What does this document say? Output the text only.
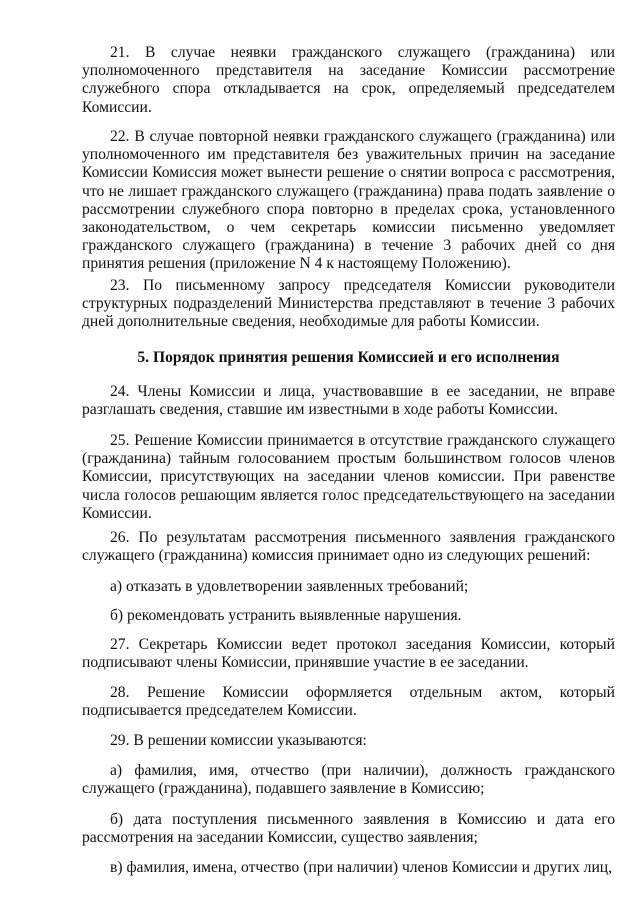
21. В случае неявки гражданского служащего (гражданина) или уполномоченного представителя на заседание Комиссии рассмотрение служебного спора откладывается на срок, определяемый председателем Комиссии.

22. В случае повторной неявки гражданского служащего (гражданина) или уполномоченного им представителя без уважительных причин на заседание Комиссии Комиссия может вынести решение о снятии вопроса с рассмотрения, что не лишает гражданского служащего (гражданина) права подать заявление о рассмотрении служебного спора повторно в пределах срока, установленного законодательством, о чем секретарь комиссии письменно уведомляет гражданского служащего (гражданина) в течение 3 рабочих дней со дня принятия решения (приложение N 4 к настоящему Положению).

23. По письменному запросу председателя Комиссии руководители структурных подразделений Министерства представляют в течение 3 рабочих дней дополнительные сведения, необходимые для работы Комиссии.

5. Порядок принятия решения Комиссией и его исполнения

24. Члены Комиссии и лица, участвовавшие в ее заседании, не вправе разглашать сведения, ставшие им известными в ходе работы Комиссии.

25. Решение Комиссии принимается в отсутствие гражданского служащего (гражданина) тайным голосованием простым большинством голосов членов Комиссии, присутствующих на заседании членов комиссии. При равенстве числа голосов решающим является голос председательствующего на заседании Комиссии.

26. По результатам рассмотрения письменного заявления гражданского служащего (гражданина) комиссия принимает одно из следующих решений:

а) отказать в удовлетворении заявленных требований;

б) рекомендовать устранить выявленные нарушения.

27. Секретарь Комиссии ведет протокол заседания Комиссии, который подписывают члены Комиссии, принявшие участие в ее заседании.

28. Решение Комиссии оформляется отдельным актом, который подписывается председателем Комиссии.

29. В решении комиссии указываются:

а) фамилия, имя, отчество (при наличии), должность гражданского служащего (гражданина), подавшего заявление в Комиссию;

б) дата поступления письменного заявления в Комиссию и дата его рассмотрения на заседании Комиссии, существо заявления;

в) фамилия, имена, отчество (при наличии) членов Комиссии и других лиц,
